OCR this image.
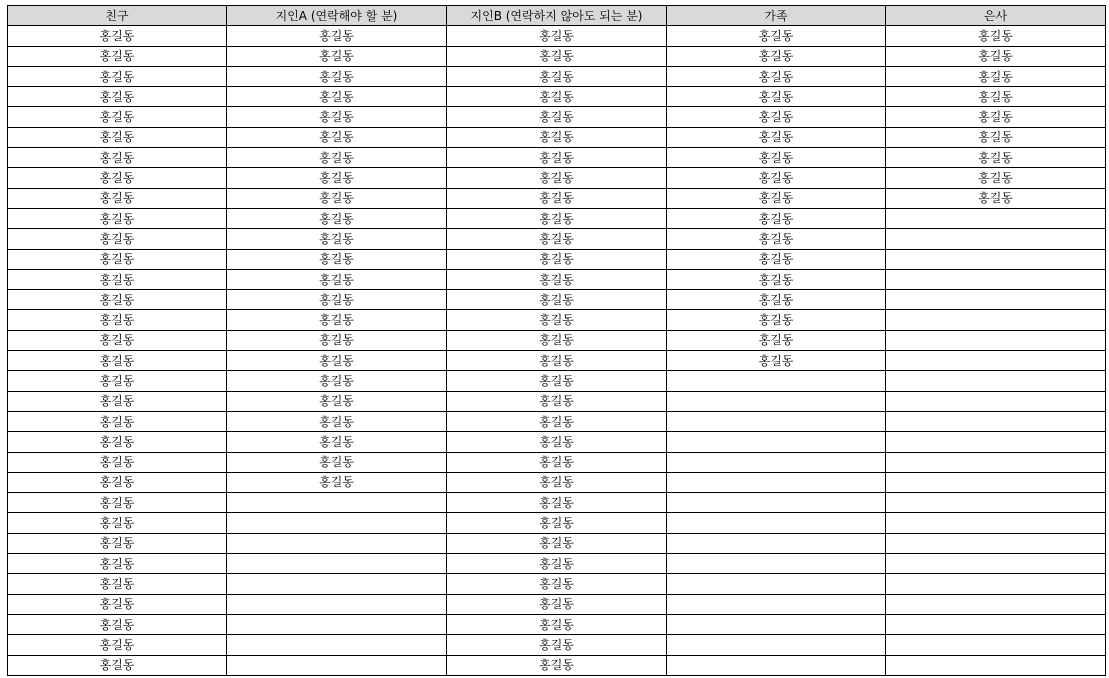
친구	지인A (연락해야 할 분)	지인B (연락하지 않아도 되는 분)	가족	은사
홍길동	홍길동	홍길동	홍길동	홍길동
홍길동	홍길동	홍길동	홍길동	홍길동
홍길동	홍길동	홍길동	홍길동	홍길동
홍길동	홍길동	홍길동	홍길동	홍길동
홍길동	홍길동	홍길동	홍길동	홍길동
홍길동	홍길동	홍길동	홍길동	홍길동
홍길동	홍길동	홍길동	홍길동	홍길동
홍길동	홍길동	홍길동	홍길동	홍길동
홍길동	홍길동	홍길동	홍길동	홍길동
홍길동	홍길동	홍길동	홍길동	
홍길동	홍길동	홍길동	홍길동	
홍길동	홍길동	홍길동	홍길동	
홍길동	홍길동	홍길동	홍길동	
홍길동	홍길동	홍길동	홍길동	
홍길동	홍길동	홍길동	홍길동	
홍길동	홍길동	홍길동	홍길동	
홍길동	홍길동	홍길동	홍길동	
홍길동	홍길동	홍길동		
홍길동	홍길동	홍길동		
홍길동	홍길동	홍길동		
홍길동	홍길동	홍길동		
홍길동	홍길동	홍길동		
홍길동	홍길동	홍길동		
홍길동		홍길동		
홍길동		홍길동		
홍길동		홍길동		
홍길동		홍길동		
홍길동		홍길동		
홍길동		홍길동		
홍길동		홍길동		
홍길동		홍길동		
홍길동		홍길동		
